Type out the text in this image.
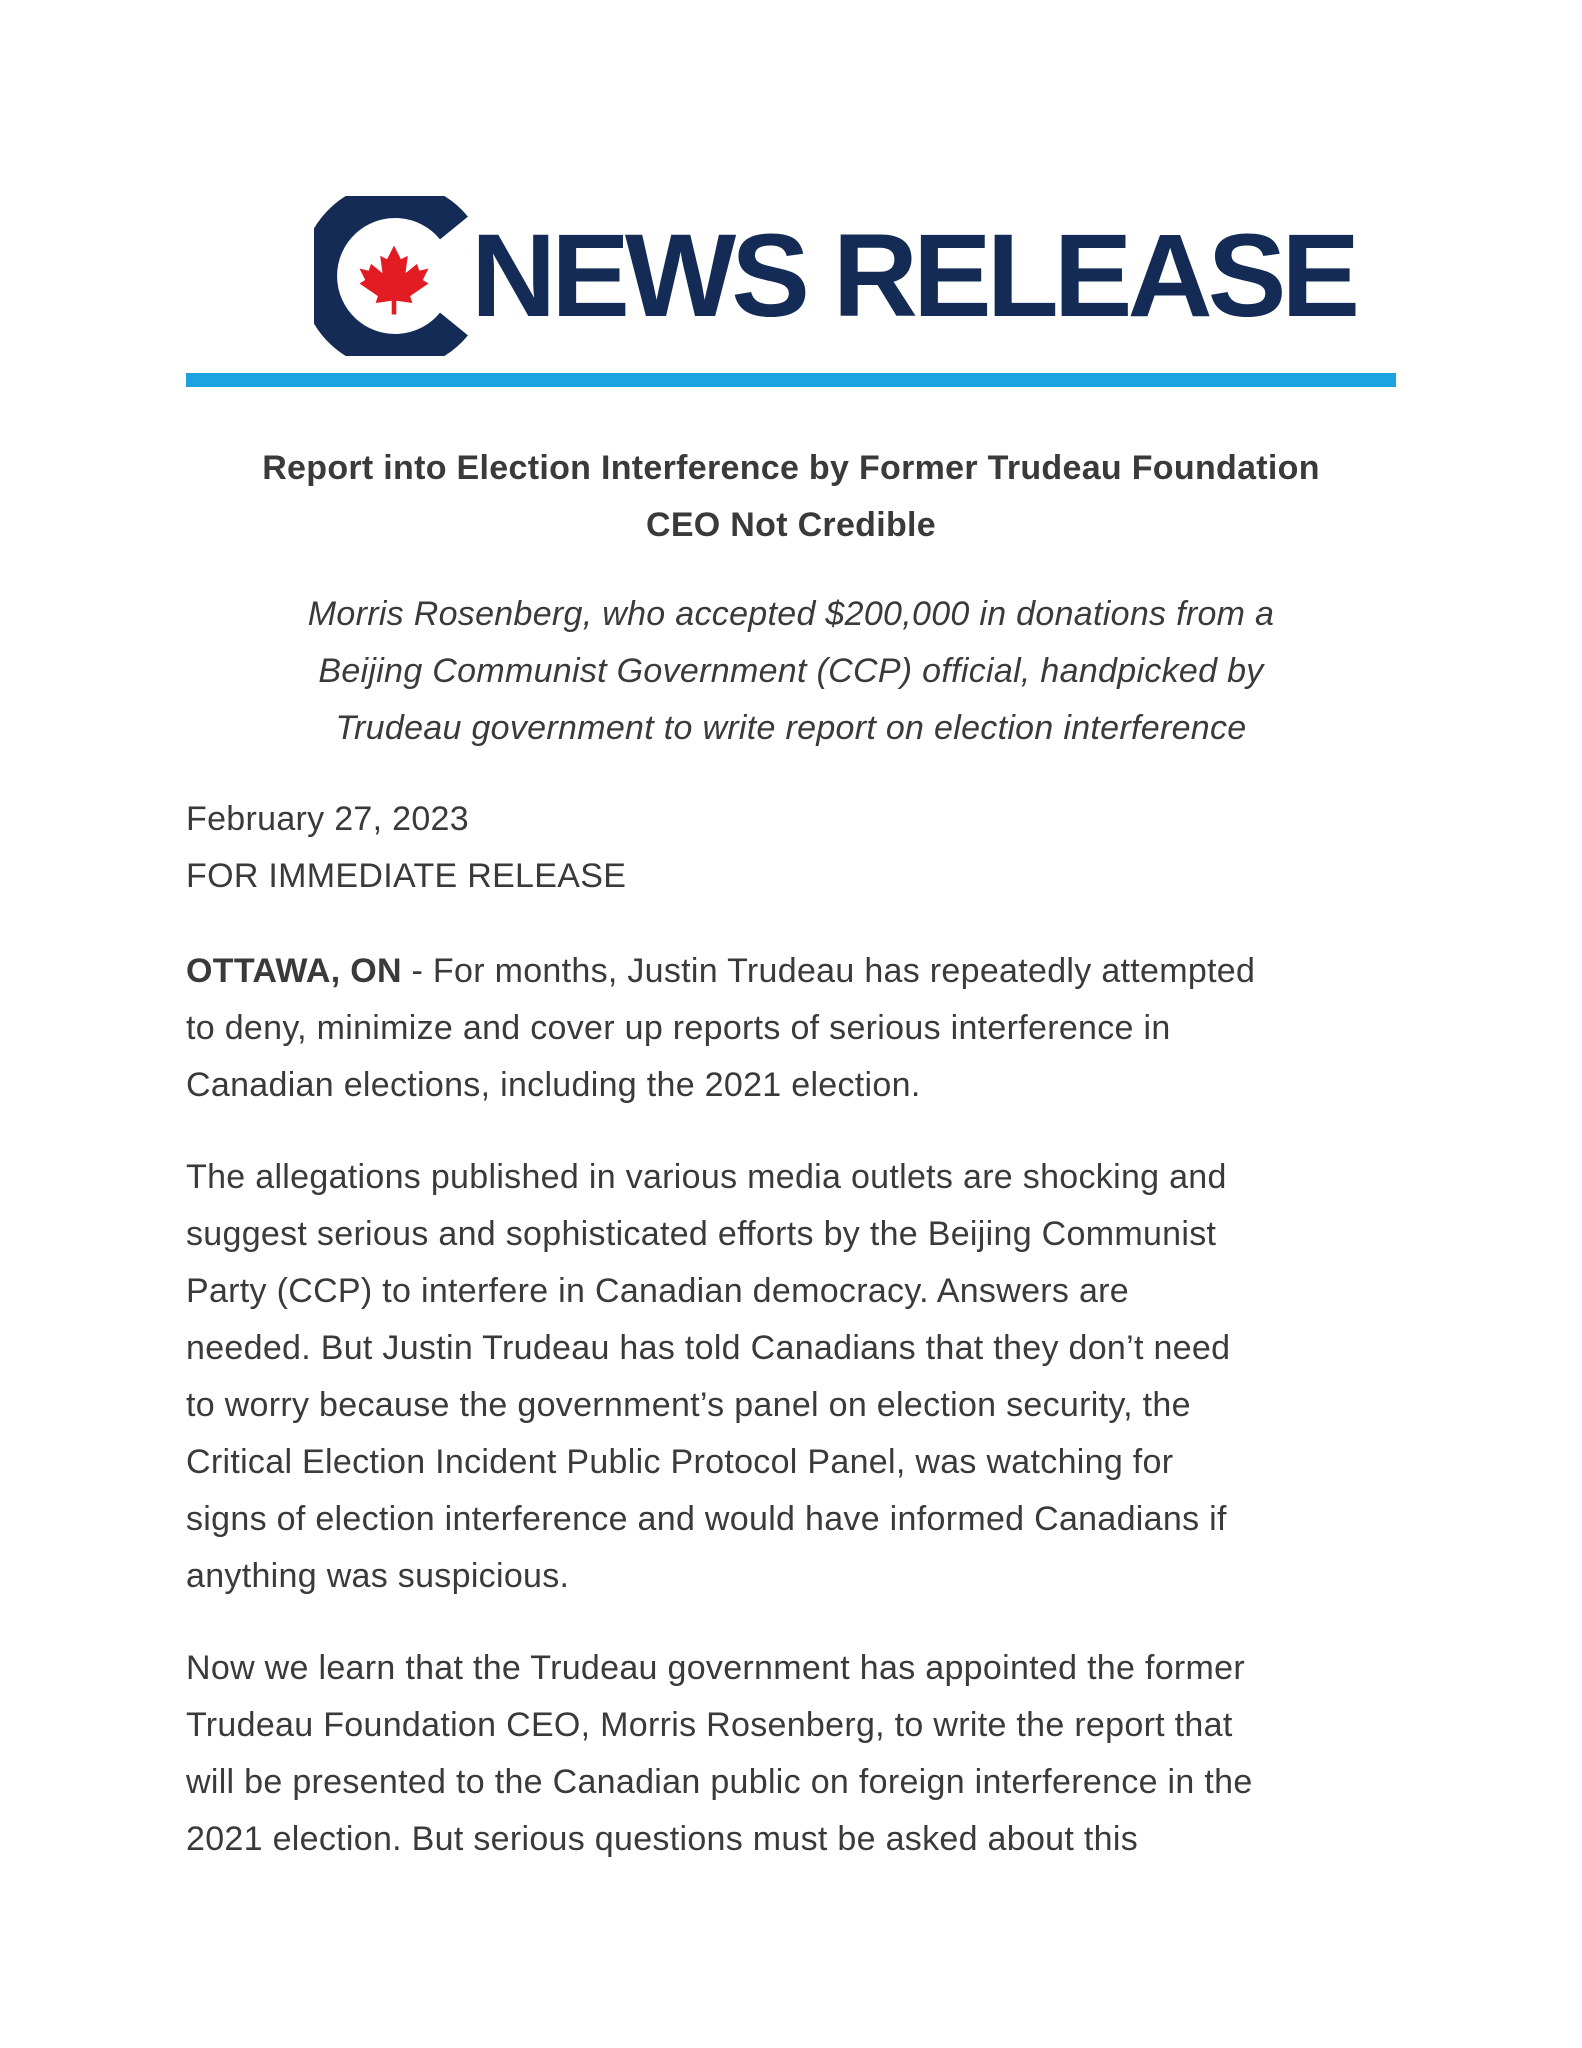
NEWS RELEASE
Report into Election Interference by Former Trudeau Foundation
CEO Not Credible
Morris Rosenberg, who accepted $200,000 in donations from a
Beijing Communist Government (CCP) official, handpicked by
Trudeau government to write report on election interference
February 27, 2023
FOR IMMEDIATE RELEASE
OTTAWA, ON - For months, Justin Trudeau has repeatedly attempted
to deny, minimize and cover up reports of serious interference in
Canadian elections, including the 2021 election.
The allegations published in various media outlets are shocking and
suggest serious and sophisticated efforts by the Beijing Communist
Party (CCP) to interfere in Canadian democracy. Answers are
needed. But Justin Trudeau has told Canadians that they don’t need
to worry because the government’s panel on election security, the
Critical Election Incident Public Protocol Panel, was watching for
signs of election interference and would have informed Canadians if
anything was suspicious.
Now we learn that the Trudeau government has appointed the former
Trudeau Foundation CEO, Morris Rosenberg, to write the report that
will be presented to the Canadian public on foreign interference in the
2021 election. But serious questions must be asked about this
